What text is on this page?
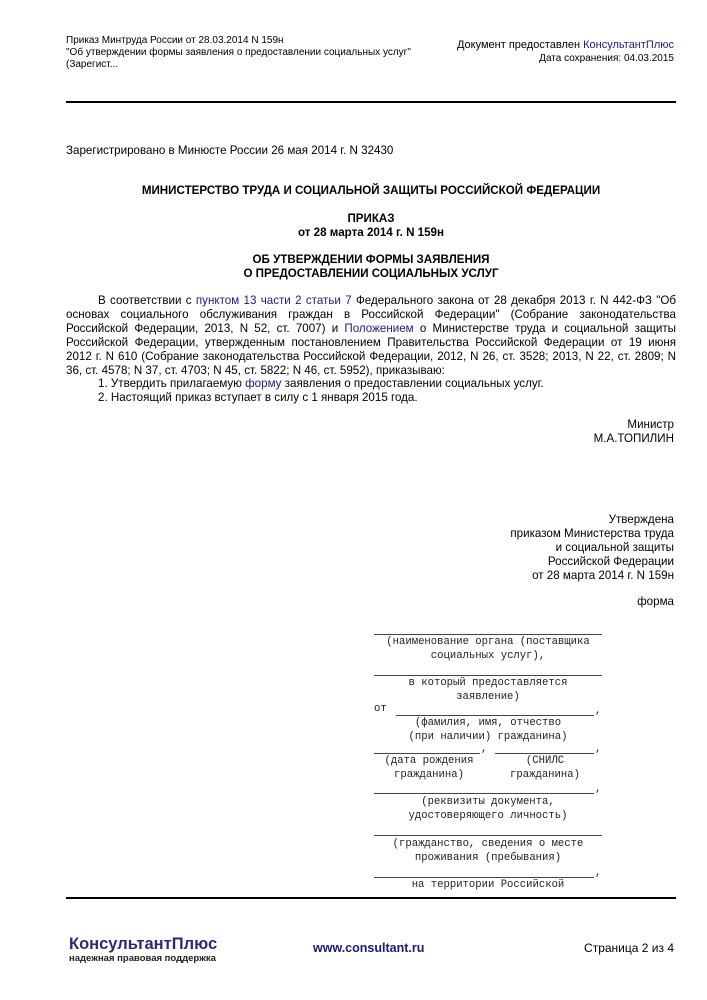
Приказ Минтруда России от 28.03.2014 N 159н
"Об утверждении формы заявления о предоставлении социальных услуг"
(Зарегист...
Документ предоставлен КонсультантПлюс
Дата сохранения: 04.03.2015
Зарегистрировано в Минюсте России 26 мая 2014 г. N 32430
МИНИСТЕРСТВО ТРУДА И СОЦИАЛЬНОЙ ЗАЩИТЫ РОССИЙСКОЙ ФЕДЕРАЦИИ
ПРИКАЗ
от 28 марта 2014 г. N 159н
ОБ УТВЕРЖДЕНИИ ФОРМЫ ЗАЯВЛЕНИЯ
О ПРЕДОСТАВЛЕНИИ СОЦИАЛЬНЫХ УСЛУГ

В соответствии с пунктом 13 части 2 статьи 7 Федерального закона от 28 декабря 2013 г. N 442-ФЗ "Об основах социального обслуживания граждан в Российской Федерации" (Собрание законодательства Российской Федерации, 2013, N 52, ст. 7007) и Положением о Министерстве труда и социальной защиты Российской Федерации, утвержденным постановлением Правительства Российской Федерации от 19 июня 2012 г. N 610 (Собрание законодательства Российской Федерации, 2012, N 26, ст. 3528; 2013, N 22, ст. 2809; N 36, ст. 4578; N 37, ст. 4703; N 45, ст. 5822; N 46, ст. 5952), приказываю:

1. Утвердить прилагаемую форму заявления о предоставлении социальных услуг.

2. Настоящий приказ вступает в силу с 1 января 2015 года.

Министр
М.А.ТОПИЛИН
Утверждена
приказом Министерства труда
и социальной защиты
Российской Федерации
от 28 марта 2014 г. N 159н
форма
(наименование органа (поставщика
социальных услуг),
в который предоставляется
заявление)
от	,
(фамилия, имя, отчество
(при наличии) гражданина)
,	,
(дата рождения
гражданина)
(СНИЛС
гражданина)
,
(реквизиты документа,
удостоверяющего личность)
(гражданство, сведения о месте
проживания (пребывания)
,
на территории Российской
КонсультантПлюс
надежная правовая поддержка
www.consultant.ru	Страница 2 из 4
